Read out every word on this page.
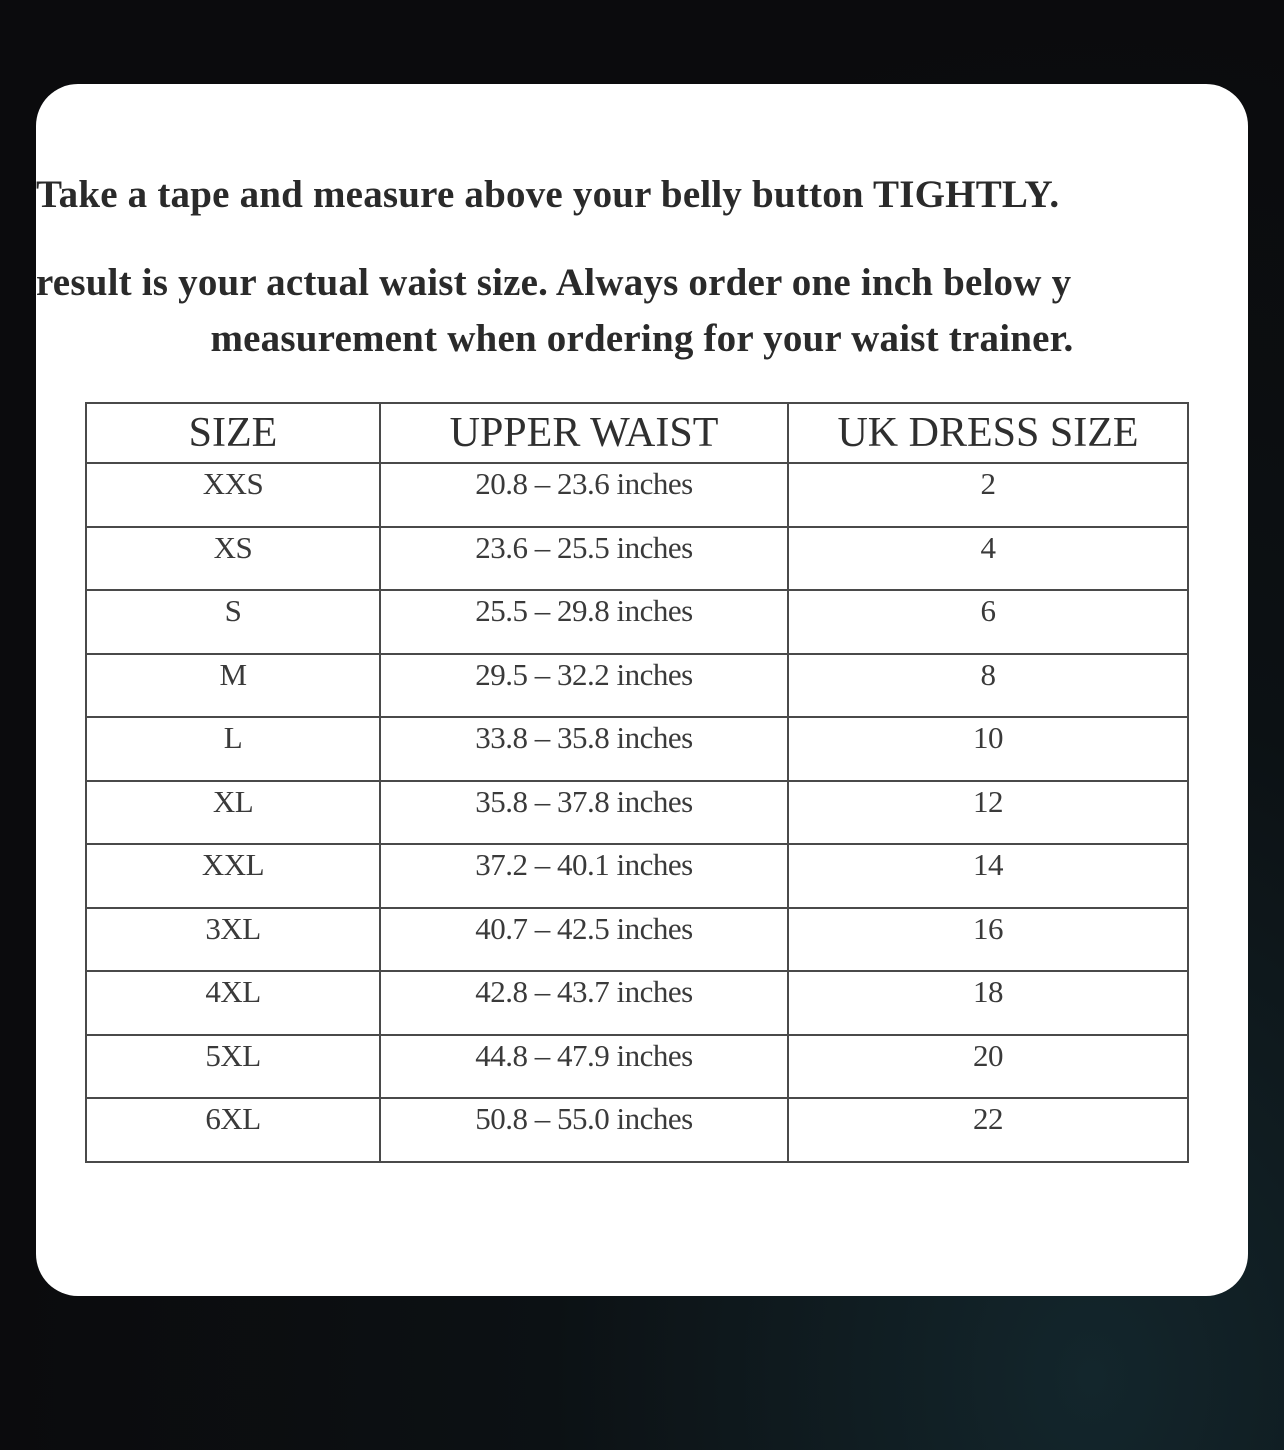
Take a tape and measure above your belly button TIGHTLY.
result is your actual waist size. Always order one inch below y
measurement when ordering for your waist trainer.
SIZE	UPPER WAIST	UK DRESS SIZE
XXS	20.8 – 23.6 inches	2
XS	23.6 – 25.5 inches	4
S	25.5 – 29.8 inches	6
M	29.5 – 32.2 inches	8
L	33.8 – 35.8 inches	10
XL	35.8 – 37.8 inches	12
XXL	37.2 – 40.1 inches	14
3XL	40.7 – 42.5 inches	16
4XL	42.8 – 43.7 inches	18
5XL	44.8 – 47.9 inches	20
6XL	50.8 – 55.0 inches	22
